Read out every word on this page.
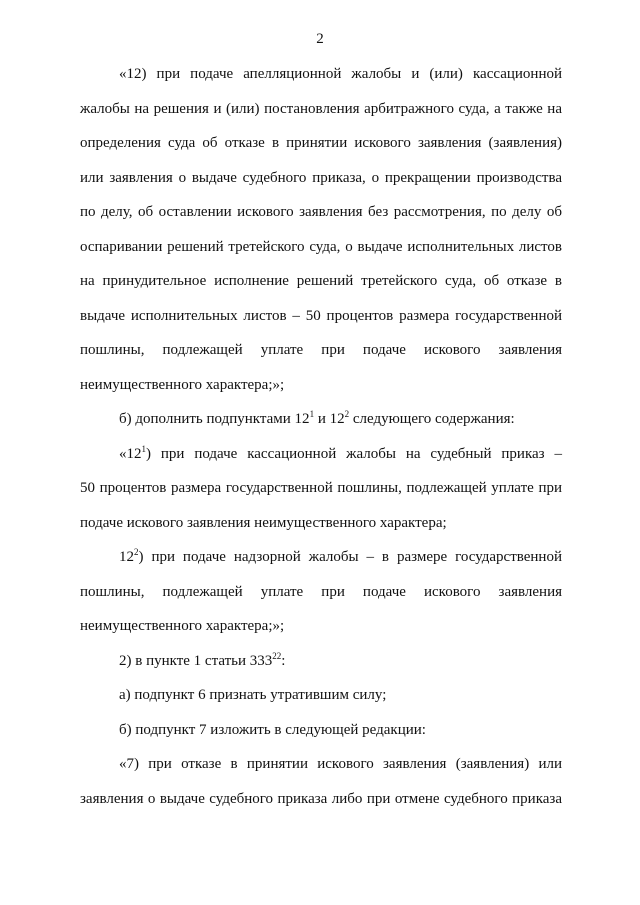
2
«12) при подаче апелляционной жалобы и (или) кассационной
жалобы на решения и (или) постановления арбитражного суда, а также на
определения суда об отказе в принятии искового заявления (заявления)
или заявления о выдаче судебного приказа, о прекращении производства
по делу, об оставлении искового заявления без рассмотрения, по делу об
оспаривании решений третейского суда, о выдаче исполнительных листов
на принудительное исполнение решений третейского суда, об отказе в
выдаче исполнительных листов – 50 процентов размера государственной
пошлины, подлежащей уплате при подаче искового заявления
неимущественного характера;»;
б) дополнить подпунктами $12^1$ и $12^2$ следующего содержания:
«$12^1$) при подаче кассационной жалобы на судебный приказ –
50 процентов размера государственной пошлины, подлежащей уплате при
подаче искового заявления неимущественного характера;
$12^2$) при подаче надзорной жалобы – в размере государственной
пошлины, подлежащей уплате при подаче искового заявления
неимущественного характера;»;
2) в пункте 1 статьи $333^{22}$:
а) подпункт 6 признать утратившим силу;
б) подпункт 7 изложить в следующей редакции:
«7) при отказе в принятии искового заявления (заявления) или
заявления о выдаче судебного приказа либо при отмене судебного приказа
